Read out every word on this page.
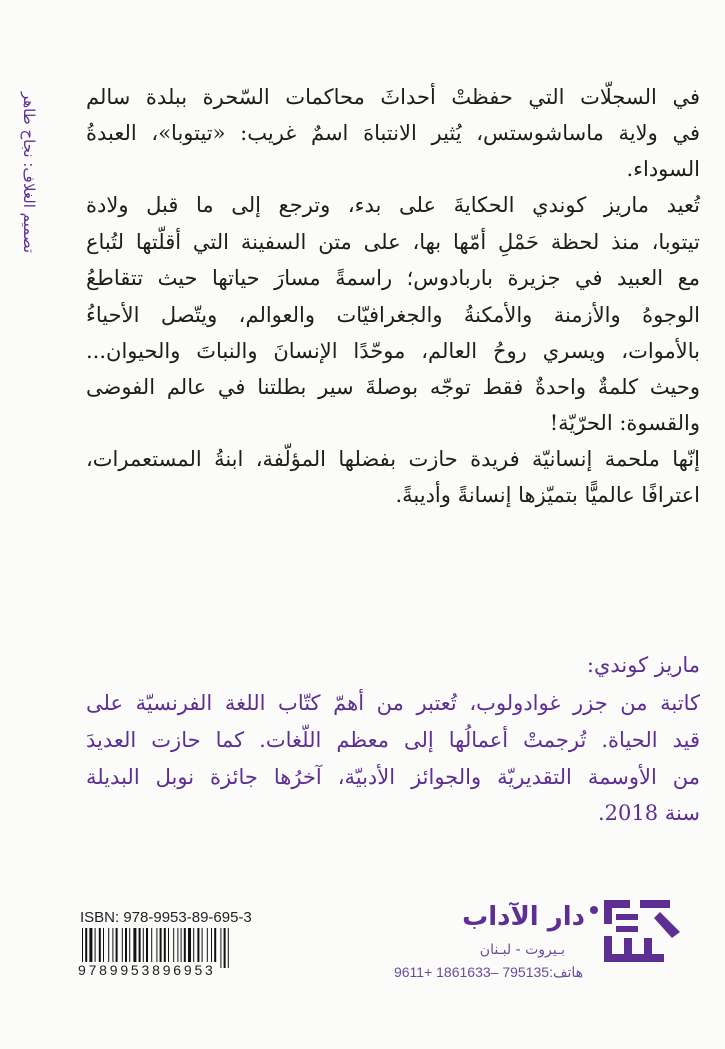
تصميم الغلاف: نجاح طاهر في السجلّات التي حفظتْ أحداثَ محاكمات السّحرة ببلدة سالم
في ولاية ماساشوستس، يُثير الانتباهَ اسمٌ غريب: «تيتوبا»، العبدةُ
السوداء.
تُعيد ماريز كوندي الحكايةَ على بدء، وترجع إلى ما قبل ولادة
تيتوبا، منذ لحظة حَمْلِ أمّها بها، على متن السفينة التي أقلّتها لتُباع
مع العبيد في جزيرة باربادوس؛ راسمةً مسارَ حياتها حيث تتقاطعُ
الوجوهُ والأزمنة والأمكنةُ والجغرافيّات والعوالم، ويتّصل الأحياءُ
بالأموات، ويسري روحُ العالم، موحّدًا الإنسانَ والنباتَ والحيوان...
وحيث كلمةٌ واحدةٌ فقط توجّه بوصلةَ سير بطلتنا في عالم الفوضى
والقسوة: الحرّيّة!
إنّها ملحمة إنسانيّة فريدة حازت بفضلها المؤلّفة، ابنةُ المستعمرات،
اعترافًا عالميًّا بتميّزها إنسانةً وأديبةً.
ماريز كوندي:
كاتبة من جزر غوادولوب، تُعتبر من أهمّ كتّاب اللغة الفرنسيّة على
قيد الحياة. تُرجمتْ أعمالُها إلى معظم اللّغات. كما حازت العديدَ
من الأوسمة التقديريّة والجوائز الأدبيّة، آخرُها جائزة نوبل البديلة
سنة 2018.
ISBN: 978-9953-89-695-3
9789953896953
دار الآداب
بـيروت - لبـنان
هاتف:795135 –1861633 +9611
